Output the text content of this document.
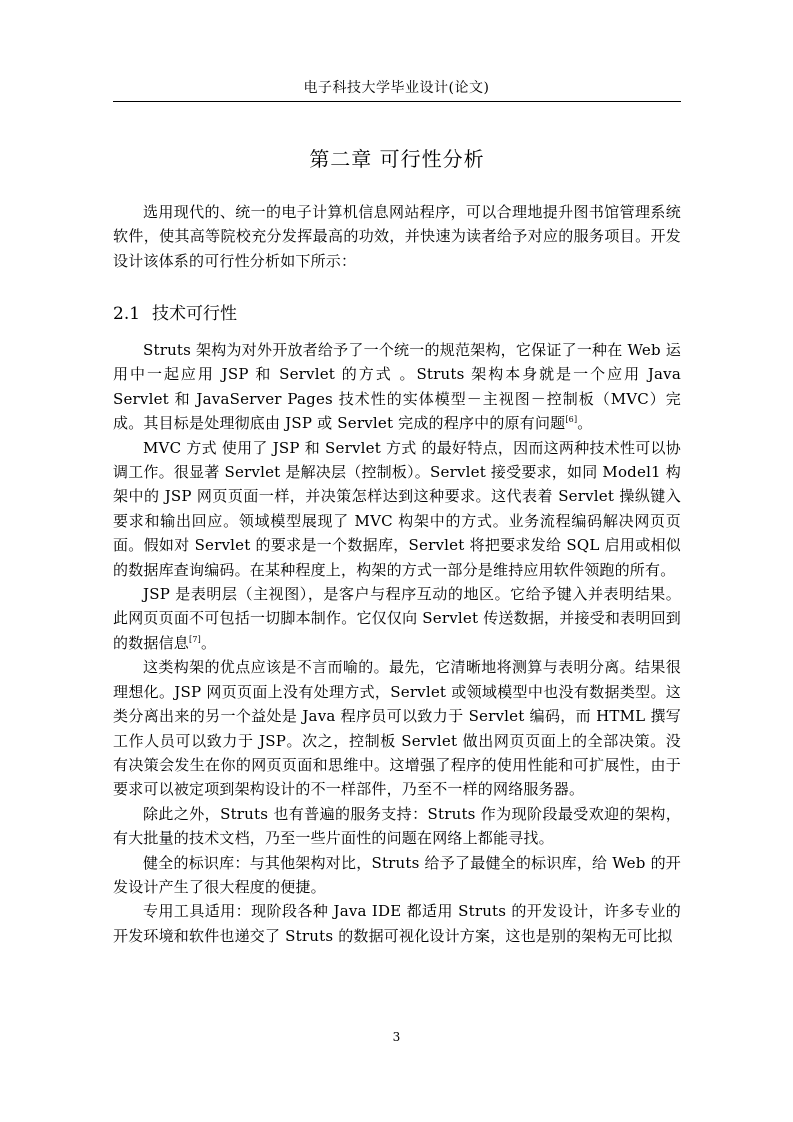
电子科技大学毕业设计(论文)
第二章 可行性分析

选用现代的、统一的电子计算机信息网站程序，可以合理地提升图书馆管理系统软件，使其高等院校充分发挥最高的功效，并快速为读者给予对应的服务项目。开发设计该体系的可行性分析如下所示：

2.1 技术可行性

Struts 架构为对外开放者给予了一个统一的规范架构，它保证了一种在 Web 运用中一起应用 JSP 和 Servlet 的方式 。Struts 架构本身就是一个应用 Java Servlet 和 JavaServer Pages 技术性的实体模型－主视图－控制板（MVC）完成。其目标是处理彻底由 JSP 或 Servlet 完成的程序中的原有问题[6]。

MVC 方式 使用了 JSP 和 Servlet 方式 的最好特点，因而这两种技术性可以协调工作。很显著 Servlet 是解决层（控制板）。Servlet 接受要求，如同 Model1 构架中的 JSP 网页页面一样，并决策怎样达到这种要求。这代表着 Servlet 操纵键入要求和输出回应。领域模型展现了 MVC 构架中的方式。业务流程编码解决网页页面。假如对 Servlet 的要求是一个数据库，Servlet 将把要求发给 SQL 启用或相似的数据库查询编码。在某种程度上，构架的方式一部分是维持应用软件领跑的所有。

JSP 是表明层（主视图），是客户与程序互动的地区。它给予键入并表明结果。此网页页面不可包括一切脚本制作。它仅仅向 Servlet 传送数据，并接受和表明回到的数据信息[7]。

这类构架的优点应该是不言而喻的。最先，它清晰地将测算与表明分离。结果很理想化。JSP 网页页面上没有处理方式，Servlet 或领域模型中也没有数据类型。这类分离出来的另一个益处是 Java 程序员可以致力于 Servlet 编码，而 HTML 撰写工作人员可以致力于 JSP。次之，控制板 Servlet 做出网页页面上的全部决策。没有决策会发生在你的网页页面和思维中。这增强了程序的使用性能和可扩展性，由于要求可以被定项到架构设计的不一样部件，乃至不一样的网络服务器。

除此之外，Struts 也有普遍的服务支持：Struts 作为现阶段最受欢迎的架构，有大批量的技术文档，乃至一些片面性的问题在网络上都能寻找。

健全的标识库：与其他架构对比，Struts 给予了最健全的标识库，给 Web 的开发设计产生了很大程度的便捷。

专用工具适用：现阶段各种 Java IDE 都适用 Struts 的开发设计，许多专业的开发环境和软件也递交了 Struts 的数据可视化设计方案，这也是别的架构无可比拟

3
